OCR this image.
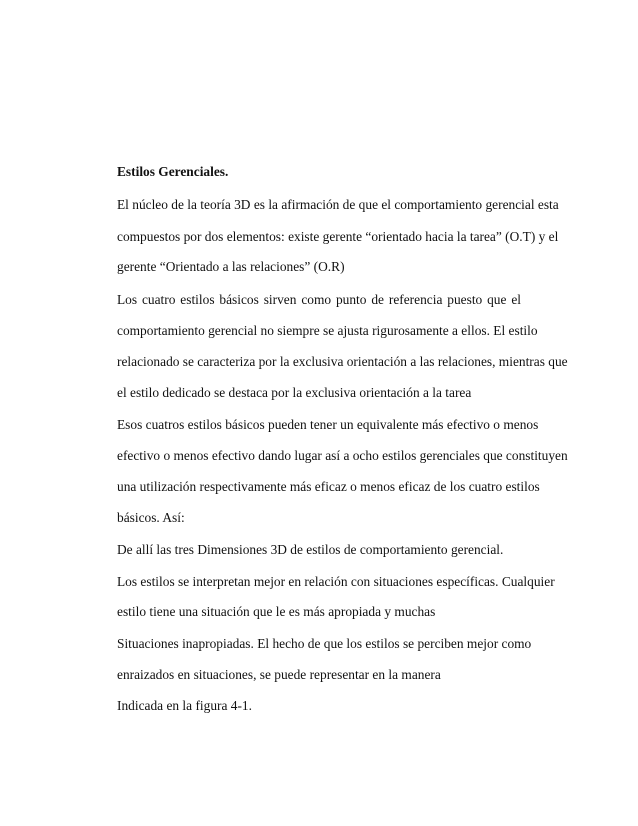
Estilos Gerenciales.
El núcleo de la teoría 3D es la afirmación de que el comportamiento gerencial esta
compuestos por dos elementos: existe gerente “orientado hacia la tarea” (O.T) y el
gerente “Orientado a las relaciones” (O.R)
Los cuatro estilos básicos sirven como punto de referencia puesto que el
comportamiento gerencial no siempre se ajusta rigurosamente a ellos. El estilo
relacionado se caracteriza por la exclusiva orientación a las relaciones, mientras que
el estilo dedicado se destaca por la exclusiva orientación a la tarea
Esos cuatros estilos básicos pueden tener un equivalente más efectivo o menos
efectivo o menos efectivo dando lugar así a ocho estilos gerenciales que constituyen
una utilización respectivamente más eficaz o menos eficaz de los cuatro estilos
básicos. Así:
De allí las tres Dimensiones 3D de estilos de comportamiento gerencial.
Los estilos se interpretan mejor en relación con situaciones específicas. Cualquier
estilo tiene una situación que le es más apropiada y muchas
Situaciones inapropiadas. El hecho de que los estilos se perciben mejor como
enraizados en situaciones, se puede representar en la manera
Indicada en la figura 4-1.
